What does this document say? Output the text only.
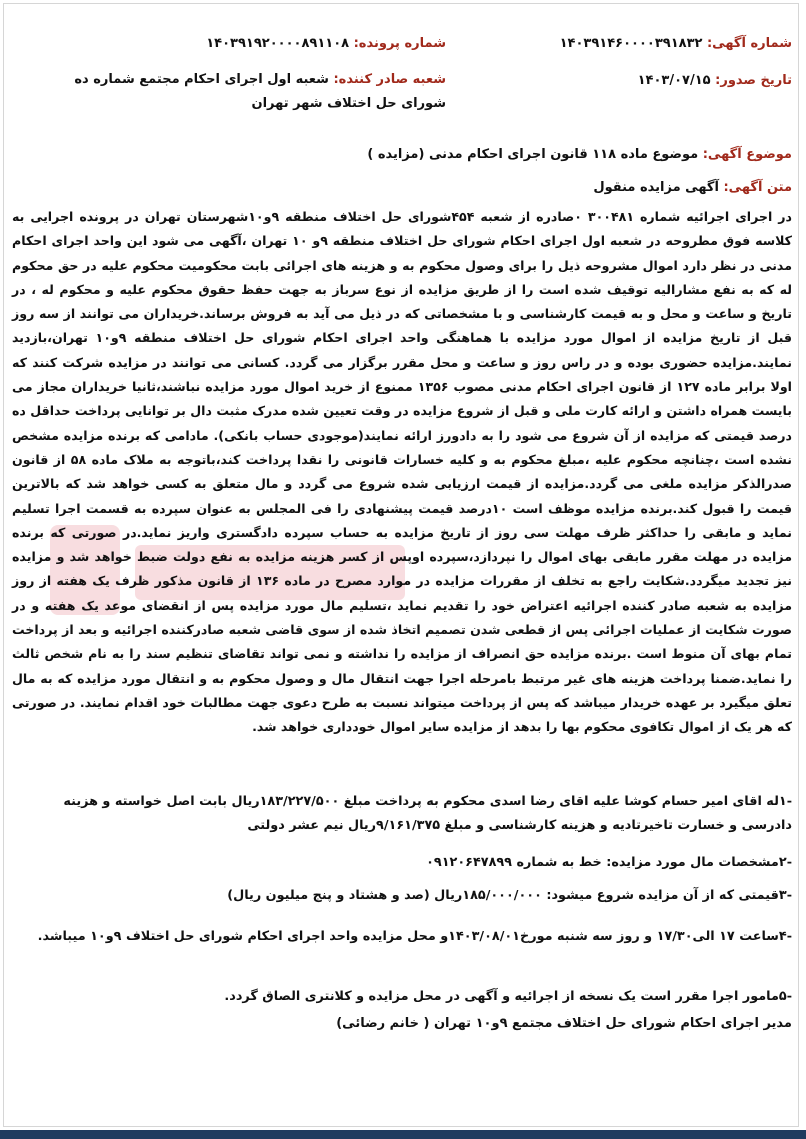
شماره آگهی: ۱۴۰۳۹۱۴۶۰۰۰۰۳۹۱۸۳۲
شماره پرونده: ۱۴۰۳۹۱۹۲۰۰۰۰۸۹۱۱۰۸
تاریخ صدور: ۱۴۰۳/۰۷/۱۵
شعبه صادر کننده: شعبه اول اجرای احکام مجتمع شماره ده شورای حل اختلاف شهر تهران
موضوع آگهی: موضوع ماده ۱۱۸ قانون اجرای احکام مدنی (مزایده )
متن آگهی: آگهی مزایده منقول
در اجرای اجرائیه شماره ۳۰۰۴۸۱ ۰صادره از شعبه ۴۵۴شورای حل اختلاف منطقه ۹و۱۰شهرستان تهران در پرونده اجرایی به کلاسه فوق مطروحه در شعبه اول اجرای احکام شورای حل اختلاف منطقه ۹و ۱۰ تهران ،آگهی می شود این واحد اجرای احکام مدنی در نظر دارد اموال مشروحه ذیل را برای وصول محکوم به و هزینه های اجرائی بابت محکومیت محکوم علیه در حق محکوم له که به نفع مشارالیه توقیف شده است را از طریق مزایده از نوع سرباز به جهت حفظ حقوق محکوم علیه و محکوم له ، در تاریخ و ساعت و محل و به قیمت کارشناسی و با مشخصاتی که در ذیل می آید به فروش برساند.خریداران می توانند از سه روز قبل از تاریخ مزایده از اموال مورد مزایده با هماهنگی واحد اجرای احکام شورای حل اختلاف منطقه ۹و۱۰ تهران،بازدید نمایند.مزایده حضوری بوده و در راس روز و ساعت و محل مقرر برگزار می گردد. کسانی می توانند در مزایده شرکت کنند که اولا برابر ماده ۱۲۷ از قانون اجرای احکام مدنی مصوب ۱۳۵۶ ممنوع از خرید اموال مورد مزایده نباشند،ثانیا خریداران مجاز می بایست همراه داشتن و ارائه کارت ملی و قبل از شروع مزایده در وقت تعیین شده مدرک مثبت دال بر توانایی پرداخت حداقل ده درصد قیمتی که مزایده از آن شروع می شود را به دادورز ارائه نمایند(موجودی حساب بانکی). مادامی که برنده مزایده مشخص نشده است ،چنانچه محکوم علیه ،مبلغ محکوم به و کلیه خسارات قانونی را نقدا پرداخت کند،باتوجه به ملاک ماده ۵۸ از قانون صدرالذکر مزایده ملغی می گردد.مزایده از قیمت ارزیابی شده شروع می گردد و مال متعلق به کسی خواهد شد که بالاترین قیمت را قبول کند.برنده مزایده موظف است ۱۰درصد قیمت پیشنهادی را فی المجلس به عنوان سپرده به قسمت اجرا تسلیم نماید و مابقی را حداکثر ظرف مهلت سی روز از تاریخ مزایده به حساب سپرده دادگستری واریز نماید.در صورتی که برنده مزایده در مهلت مقرر مابقی بهای اموال را نپردازد،سپرده اوپس از کسر هزینه مزایده به نفع دولت ضبط خواهد شد و مزایده نیز تجدید میگردد.شکایت راجع به تخلف از مقررات مزایده در موارد مصرح در ماده ۱۳۶ از قانون مذکور ظرف یک هفته از روز مزایده به شعبه صادر کننده اجرائیه اعتراض خود را تقدیم نماید ،تسلیم مال مورد مزایده پس از انقضای موعد یک هفته و در صورت شکایت از عملیات اجرائی پس از قطعی شدن تصمیم اتخاذ شده از سوی قاضی شعبه صادرکننده اجرائیه و بعد از پرداخت تمام بهای آن منوط است .برنده مزایده حق انصراف از مزایده را نداشته و نمی تواند تقاضای تنظیم سند را به نام شخص ثالث را نماید.ضمنا پرداخت هزینه های غیر مرتبط بامرحله اجرا جهت انتقال مال و وصول محکوم به و انتقال مورد مزایده که به مال تعلق میگیرد بر عهده خریدار میباشد که پس از پرداخت میتواند نسبت به طرح دعوی جهت مطالبات خود اقدام نمایند. در صورتی که هر یک از اموال تکافوی محکوم بها را بدهد از مزایده سایر اموال خودداری خواهد شد.
-۱له اقای امیر حسام کوشا علیه اقای رضا اسدی محکوم به پرداخت مبلغ ۱۸۳/۲۲۷/۵۰۰ریال بابت اصل خواسته و هزینه دادرسی و خسارت تاخیرتادیه و هزینه کارشناسی و مبلغ ۹/۱۶۱/۳۷۵ریال نیم عشر دولتی
-۲مشخصات مال مورد مزایده: خط به شماره ۰۹۱۲۰۶۴۷۸۹۹
-۳قیمتی که از آن مزایده شروع میشود: ۱۸۵/۰۰۰/۰۰۰ریال (صد و هشتاد و پنج میلیون ریال)
-۴ساعت ۱۷ الی۱۷/۳۰ و روز سه شنبه مورخ۱۴۰۳/۰۸/۰۱و محل مزایده واحد اجرای احکام شورای حل اختلاف ۹و۱۰ میباشد.
-۵مامور اجرا مقرر است یک نسخه از اجرائیه و آگهی در محل مزایده و کلانتری الصاق گردد.
مدیر اجرای احکام شورای حل اختلاف مجتمع ۹و۱۰ تهران ( خانم رضائی)
